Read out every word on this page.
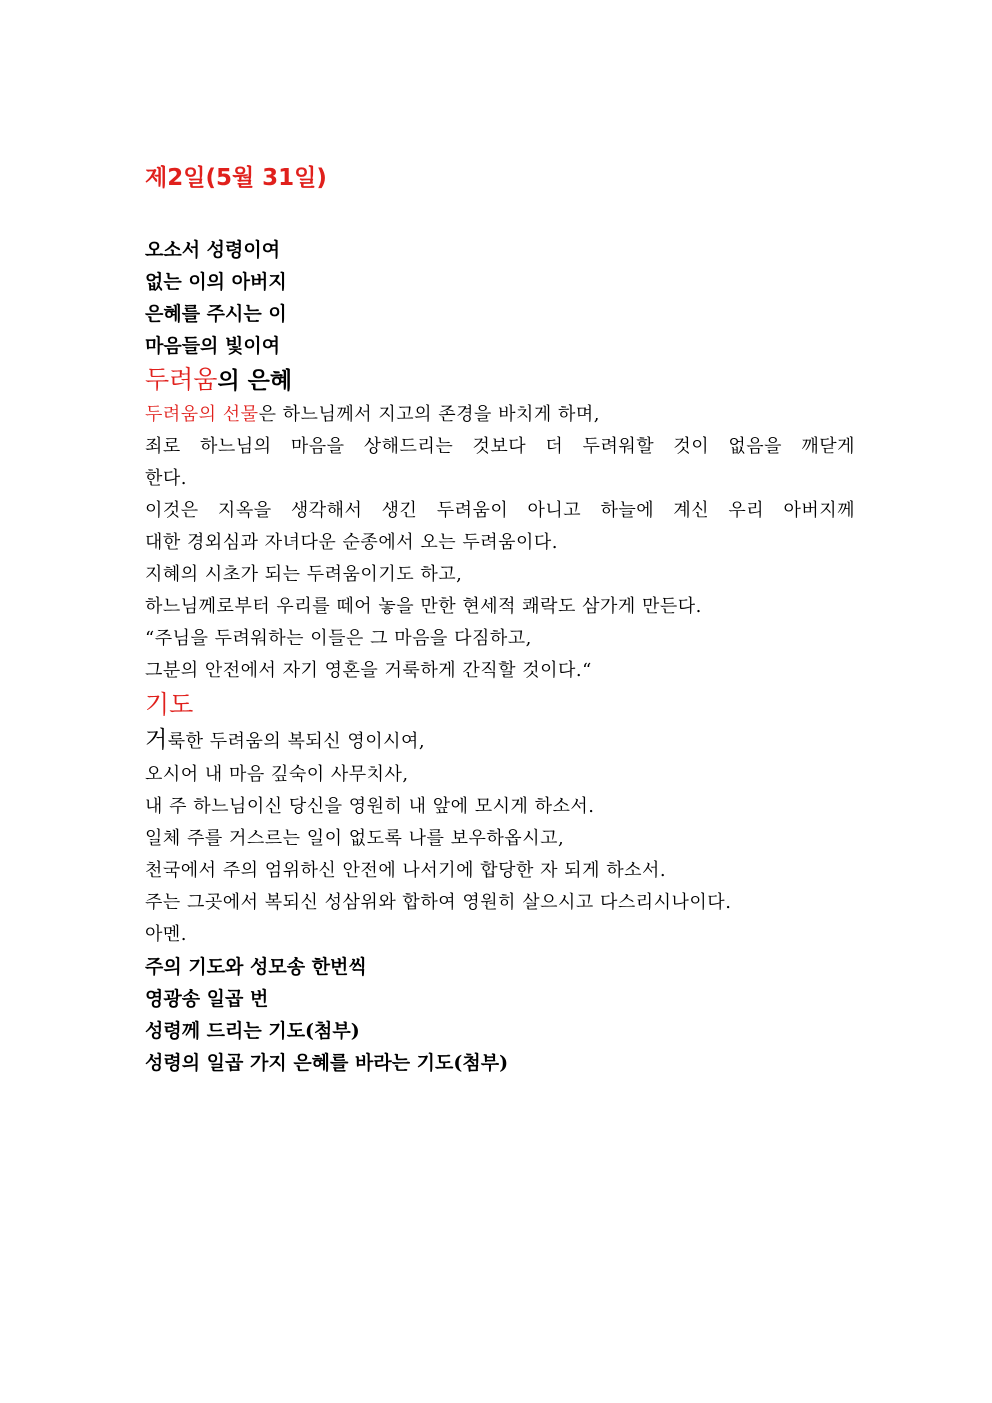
제2일(5월 31일)
오소서 성령이여
없는 이의 아버지
은혜를 주시는 이
마음들의 빛이여
두려움의 은혜
두려움의 선물은 하느님께서 지고의 존경을 바치게 하며,
죄로 하느님의 마음을 상해드리는 것보다 더 두려워할 것이 없음을 깨닫게
한다.
이것은 지옥을 생각해서 생긴 두려움이 아니고 하늘에 계신 우리 아버지께
대한 경외심과 자녀다운 순종에서 오는 두려움이다.
지혜의 시초가 되는 두려움이기도 하고,
하느님께로부터 우리를 떼어 놓을 만한 현세적 쾌락도 삼가게 만든다.
“주님을 두려워하는 이들은 그 마음을 다짐하고,
그분의 안전에서 자기 영혼을 거룩하게 간직할 것이다.“
기도
거룩한 두려움의 복되신 영이시여,
오시어 내 마음 깊숙이 사무치사,
내 주 하느님이신 당신을 영원히 내 앞에 모시게 하소서.
일체 주를 거스르는 일이 없도록 나를 보우하옵시고,
천국에서 주의 엄위하신 안전에 나서기에 합당한 자 되게 하소서.
주는 그곳에서 복되신 성삼위와 합하여 영원히 살으시고 다스리시나이다.
아멘.
주의 기도와 성모송 한번씩
영광송 일곱 번
성령께 드리는 기도(첨부)
성령의 일곱 가지 은혜를 바라는 기도(첨부)
